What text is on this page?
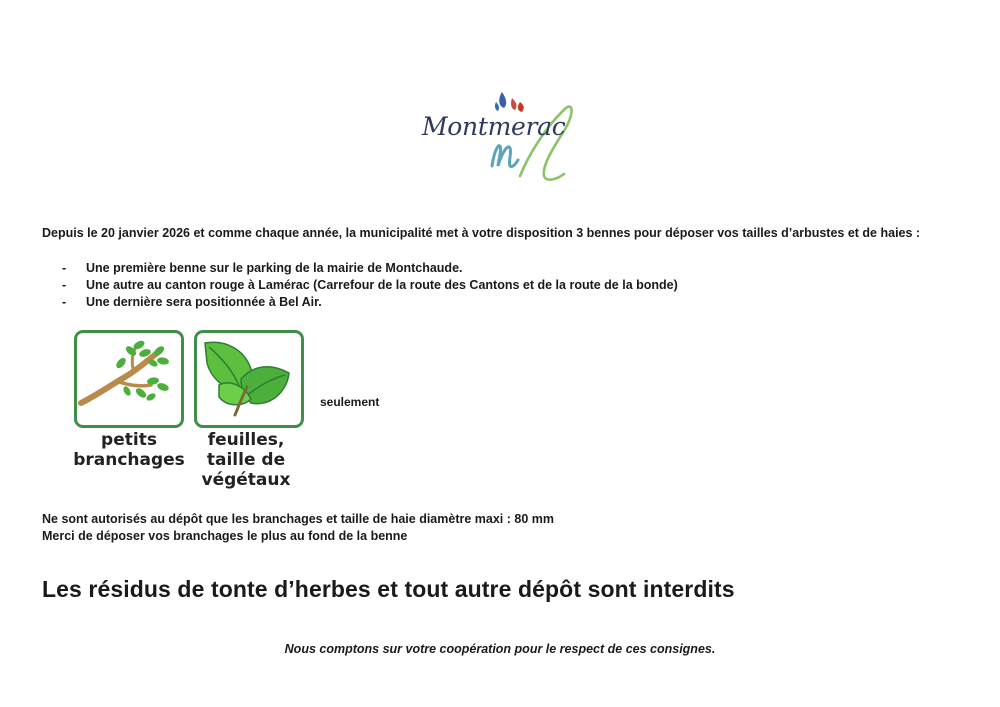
Montmerac
Depuis le 20 janvier 2026 et comme chaque année, la municipalité met à votre disposition 3 bennes pour déposer vos tailles d’arbustes et de haies :
- Une première benne sur le parking de la mairie de Montchaude.
- Une autre au canton rouge à Lamérac (Carrefour de la route des Cantons et de la route de la bonde)
- Une dernière sera positionnée à Bel Air.
petits
branchages
feuilles,
taille de
végétaux
seulement
Ne sont autorisés au dépôt que les branchages et taille de haie diamètre maxi : 80 mm
Merci de déposer vos branchages le plus au fond de la benne
Les résidus de tonte d’herbes et tout autre dépôt sont interdits
Nous comptons sur votre coopération pour le respect de ces consignes.
